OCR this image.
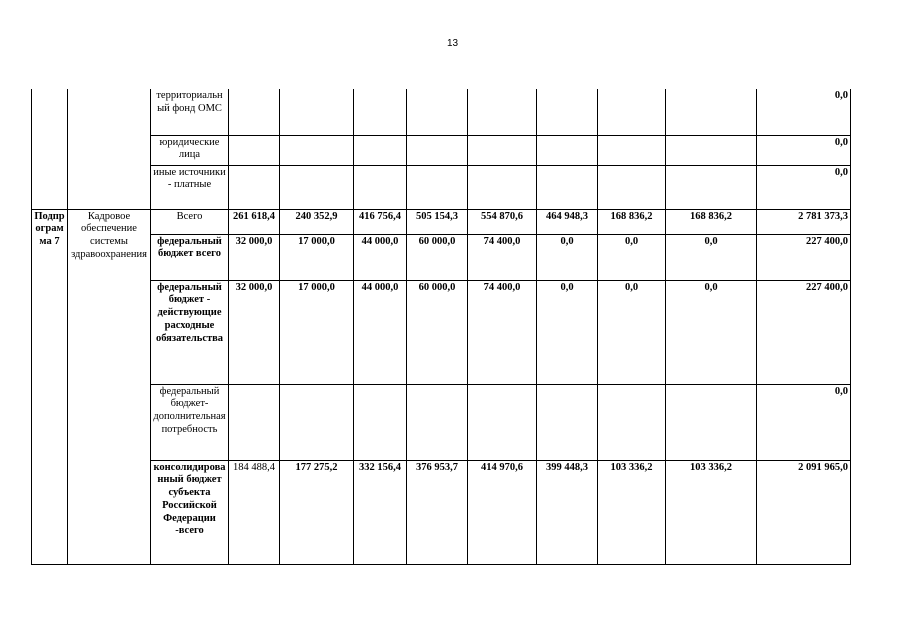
13
		территориальный фонд ОМС									0,0
		юридические лица									0,0
		иные источники - платные									0,0
Подпрограмма 7	Кадровое обеспечение системы здравоохранения	Всего	261 618,4	240 352,9	416 756,4	505 154,3	554 870,6	464 948,3	168 836,2	168 836,2	2 781 373,3
		федеральный бюджет всего	32 000,0	17 000,0	44 000,0	60 000,0	74 400,0	0,0	0,0	0,0	227 400,0
		федеральный бюджет - действующие расходные обязательства	32 000,0	17 000,0	44 000,0	60 000,0	74 400,0	0,0	0,0	0,0	227 400,0
		федеральный бюджет-дополнительная потребность									0,0
		консолидированный бюджет субъекта Российской Федерации -всего	184 488,4	177 275,2	332 156,4	376 953,7	414 970,6	399 448,3	103 336,2	103 336,2	2 091 965,0
